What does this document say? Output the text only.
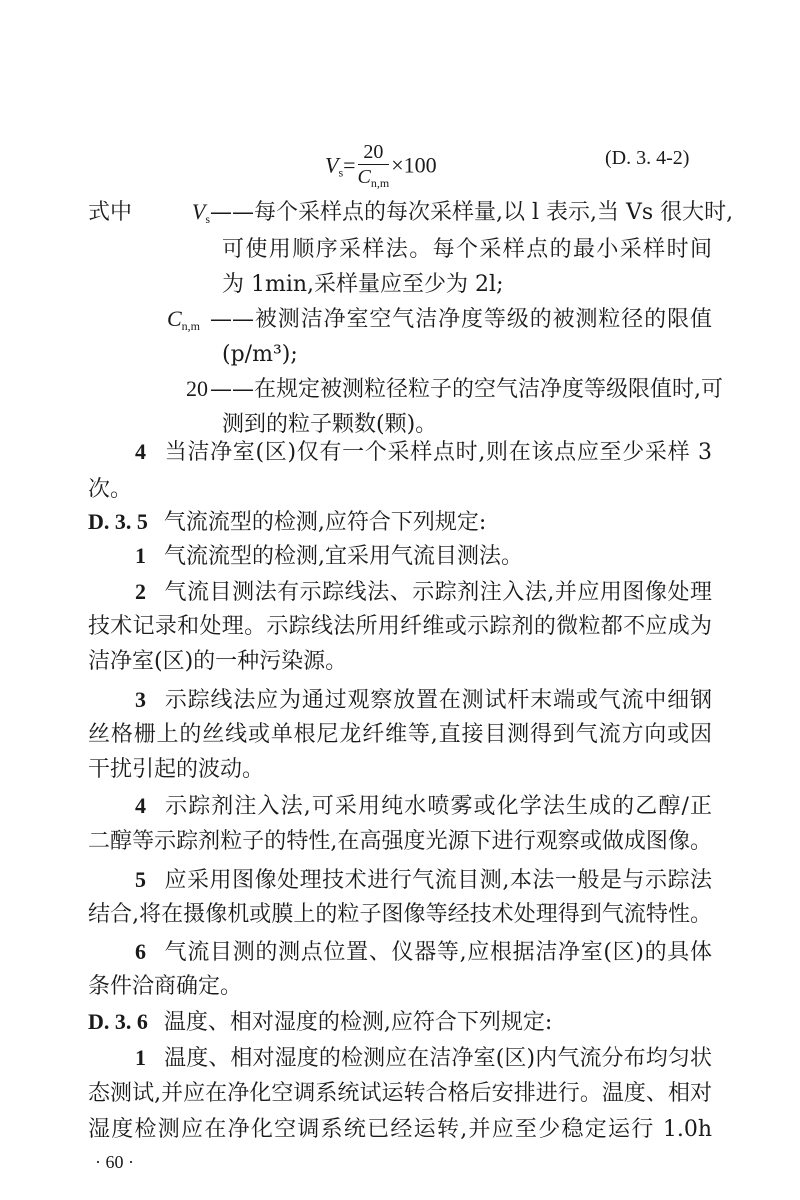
$V_s= \frac{20}{C_{n,m}} \times 100$	(D. 3. 4-2)
式中	$V_s$ ——每个采样点的每次采样量,以 l 表示,当 Vs 很大时,
可使用顺序采样法。每个采样点的最小采样时间
为 1min,采样量应至少为 2l;
$C_{n,m}$ ——被测洁净室空气洁净度等级的被测粒径的限值
(p/m³);
20 ——在规定被测粒径粒子的空气洁净度等级限值时,可
测到的粒子颗数(颗)。
4 当洁净室(区)仅有一个采样点时,则在该点应至少采样 3
次。
D. 3. 5 气流流型的检测,应符合下列规定:
1 气流流型的检测,宜采用气流目测法。
2 气流目测法有示踪线法、示踪剂注入法,并应用图像处理
技术记录和处理。示踪线法所用纤维或示踪剂的微粒都不应成为
洁净室(区)的一种污染源。
3 示踪线法应为通过观察放置在测试杆末端或气流中细钢
丝格栅上的丝线或单根尼龙纤维等,直接目测得到气流方向或因
干扰引起的波动。
4 示踪剂注入法,可采用纯水喷雾或化学法生成的乙醇/正
二醇等示踪剂粒子的特性,在高强度光源下进行观察或做成图像。
5 应采用图像处理技术进行气流目测,本法一般是与示踪法
结合,将在摄像机或膜上的粒子图像等经技术处理得到气流特性。
6 气流目测的测点位置、仪器等,应根据洁净室(区)的具体
条件洽商确定。
D. 3. 6 温度、相对湿度的检测,应符合下列规定:
1 温度、相对湿度的检测应在洁净室(区)内气流分布均匀状
态测试,并应在净化空调系统试运转合格后安排进行。温度、相对
湿度检测应在净化空调系统已经运转,并应至少稳定运行 1.0h
· 60 ·
